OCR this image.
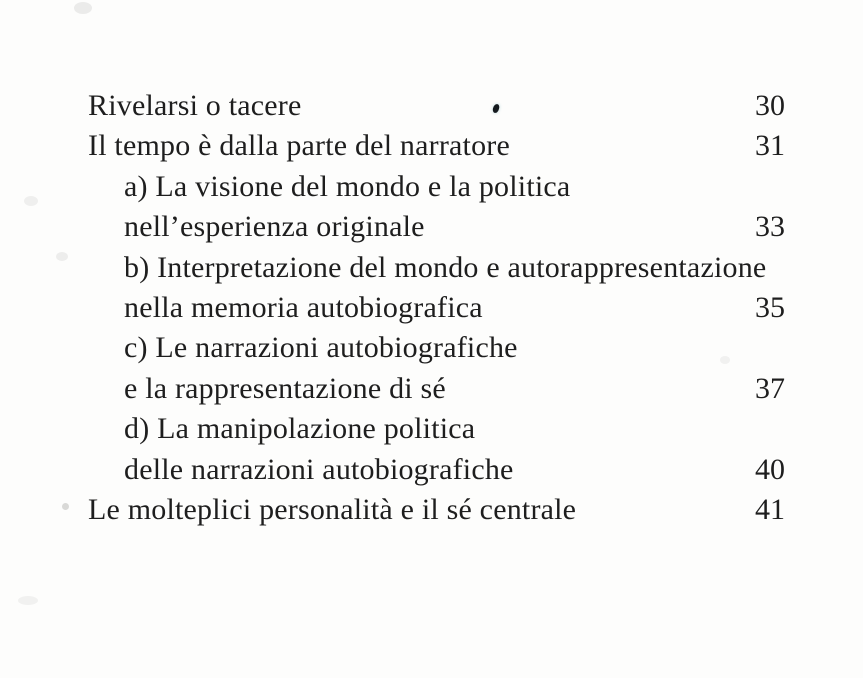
Rivelarsi o tacere	30
Il tempo è dalla parte del narratore	31
a) La visione del mondo e la politica
nell’esperienza originale	33
b) Interpretazione del mondo e autorappresentazione
nella memoria autobiografica	35
c) Le narrazioni autobiografiche
e la rappresentazione di sé	37
d) La manipolazione politica
delle narrazioni autobiografiche	40
Le molteplici personalità e il sé centrale	41
